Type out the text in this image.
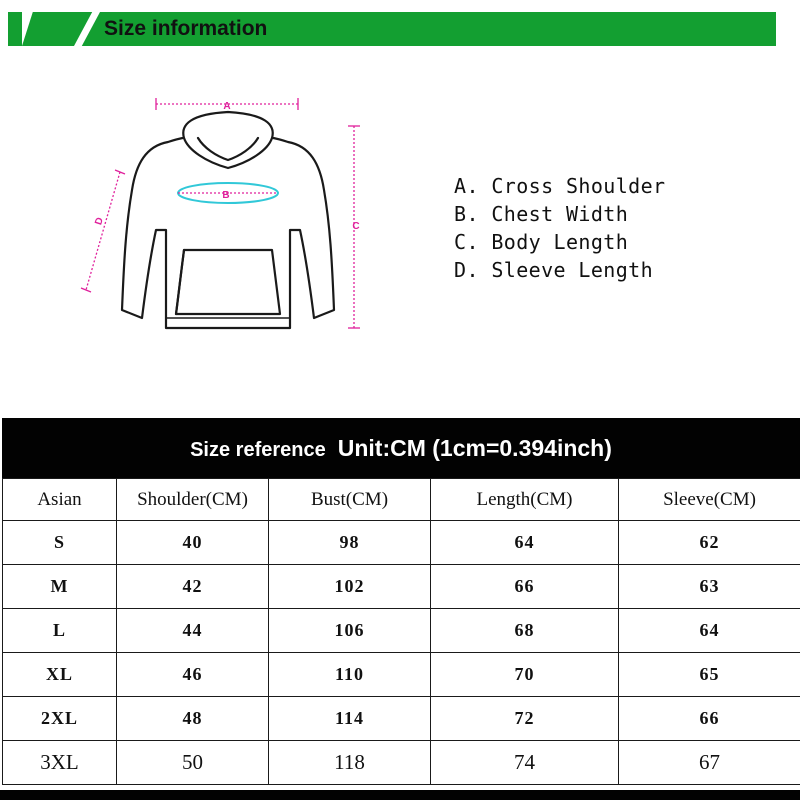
Size information
A
B
C
D
A. Cross Shoulder
B. Chest Width
C. Body Length
D. Sleeve Length
Size reference Unit:CM (1cm=0.394inch)
Asian	Shoulder(CM)	Bust(CM)	Length(CM)	Sleeve(CM)
S	40	98	64	62
M	42	102	66	63
L	44	106	68	64
XL	46	110	70	65
2XL	48	114	72	66
3XL	50	118	74	67
